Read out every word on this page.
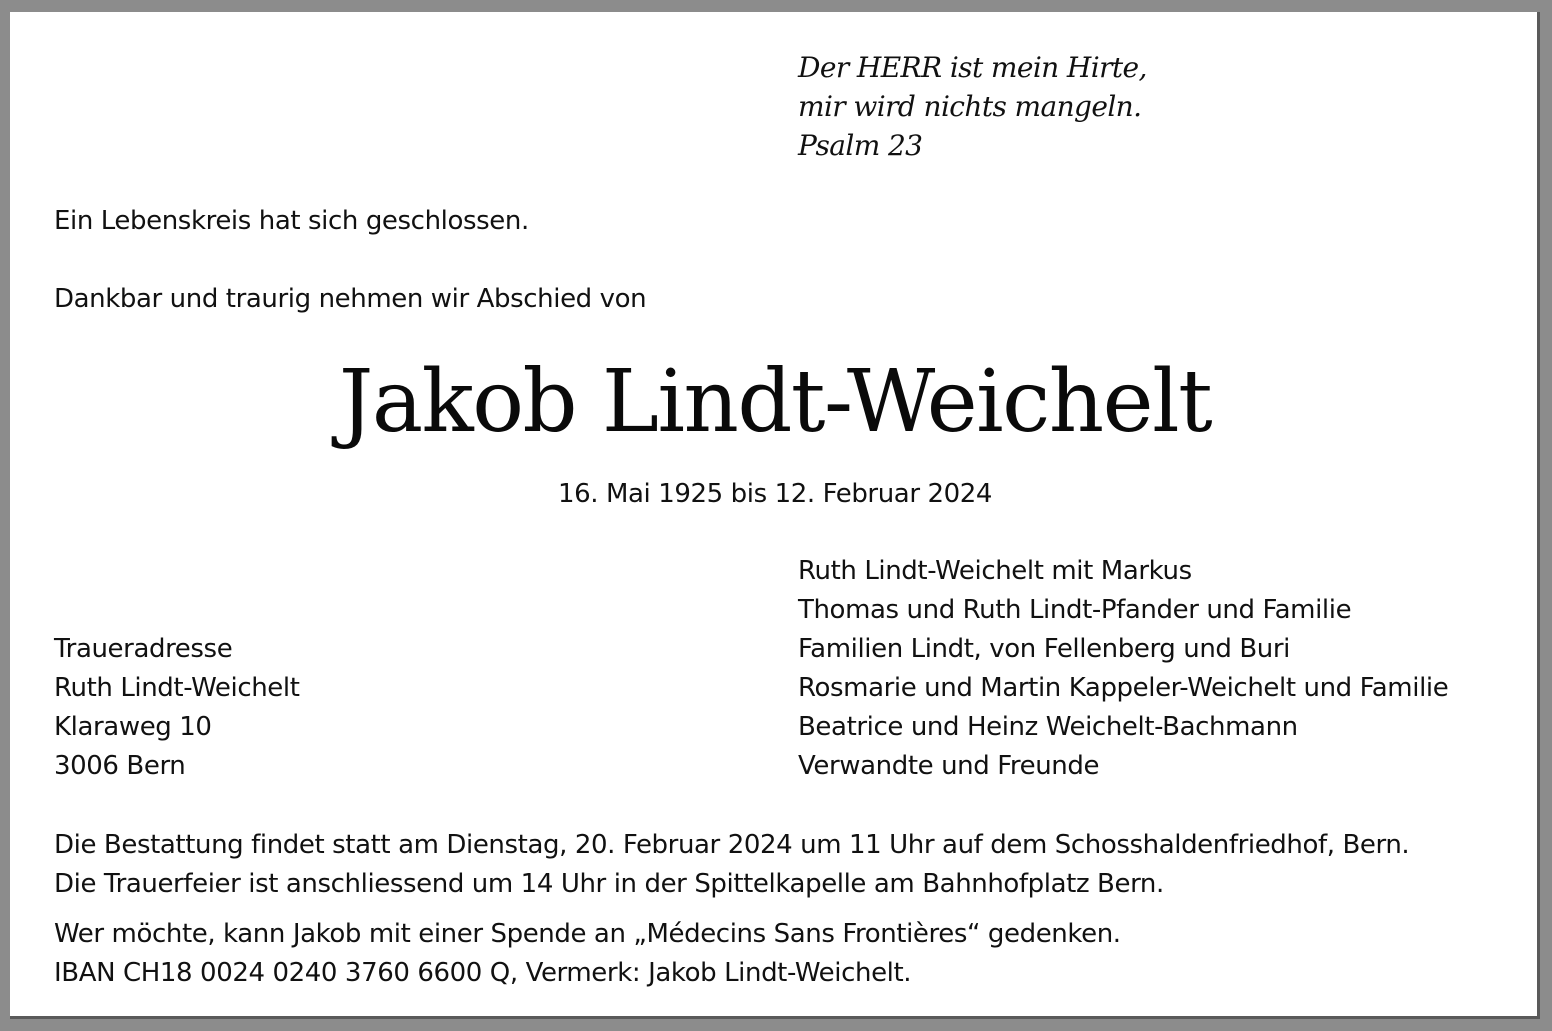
Der HERR ist mein Hirte,
mir wird nichts mangeln.
Psalm 23
Ein Lebenskreis hat sich geschlossen.
Dankbar und traurig nehmen wir Abschied von
Jakob Lindt-Weichelt
16. Mai 1925 bis 12. Februar 2024
Traueradresse
Ruth Lindt-Weichelt
Klaraweg 10
3006 Bern
Ruth Lindt-Weichelt mit Markus
Thomas und Ruth Lindt-Pfander und Familie
Familien Lindt, von Fellenberg und Buri
Rosmarie und Martin Kappeler-Weichelt und Familie
Beatrice und Heinz Weichelt-Bachmann
Verwandte und Freunde
Die Bestattung findet statt am Dienstag, 20. Februar 2024 um 11 Uhr auf dem Schosshaldenfriedhof, Bern.
Die Trauerfeier ist anschliessend um 14 Uhr in der Spittelkapelle am Bahnhofplatz Bern.
Wer möchte, kann Jakob mit einer Spende an „Médecins Sans Frontières“ gedenken.
IBAN CH18 0024 0240 3760 6600 Q, Vermerk: Jakob Lindt-Weichelt.
